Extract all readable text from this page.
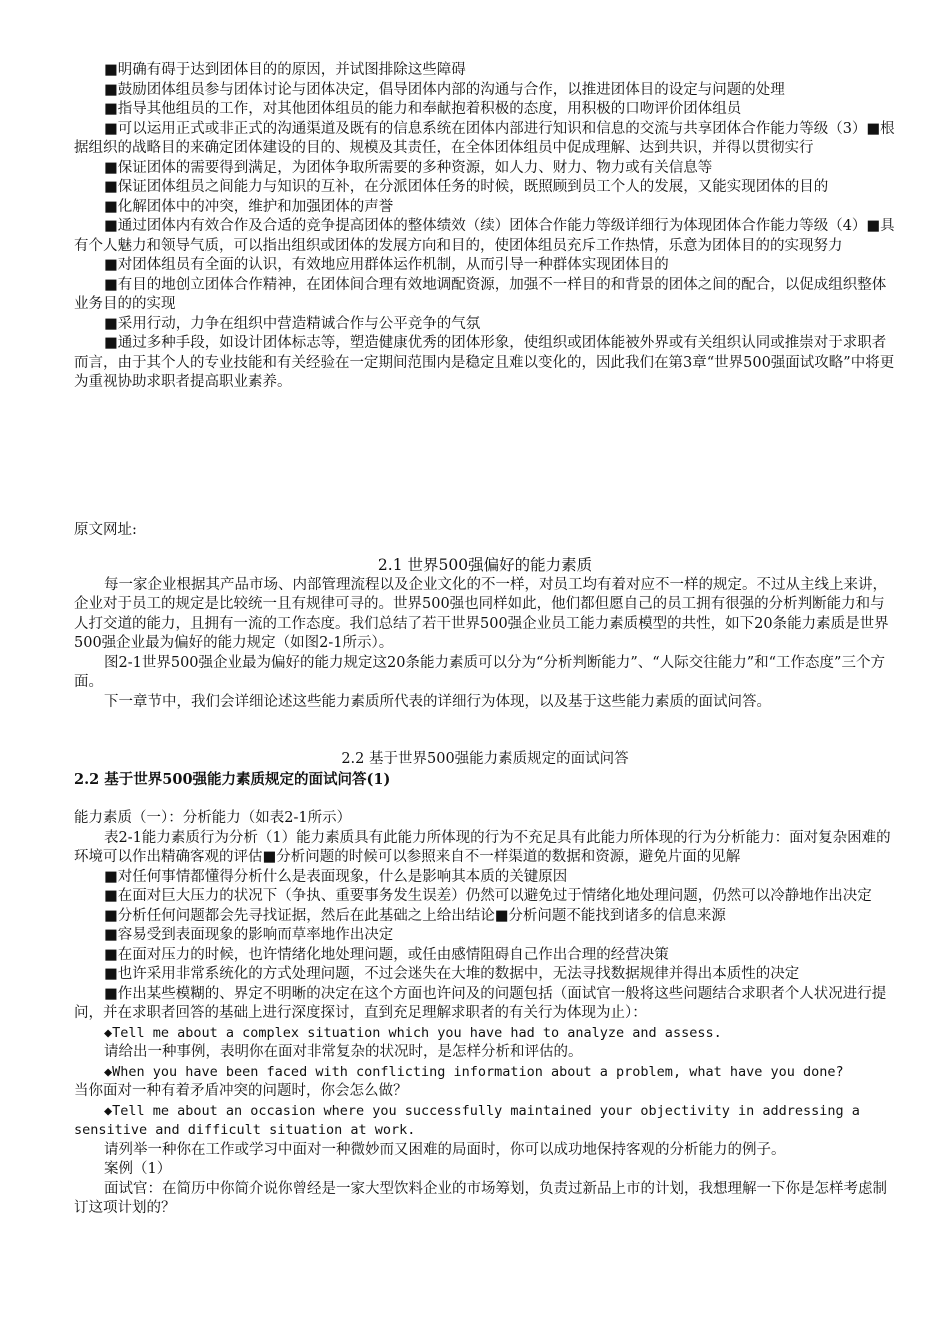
■明确有碍于达到团体目的的原因，并试图排除这些障碍

■鼓励团体组员参与团体讨论与团体决定，倡导团体内部的沟通与合作，以推进团体目的设定与问题的处理

■指导其他组员的工作，对其他团体组员的能力和奉献抱着积极的态度，用积极的口吻评价团体组员

■可以运用正式或非正式的沟通渠道及既有的信息系统在团体内部进行知识和信息的交流与共享团体合作能力等级（3）■根据组织的战略目的来确定团体建设的目的、规模及其责任，在全体团体组员中促成理解、达到共识，并得以贯彻实行

■保证团体的需要得到满足，为团体争取所需要的多种资源，如人力、财力、物力或有关信息等

■保证团体组员之间能力与知识的互补，在分派团体任务的时候，既照顾到员工个人的发展，又能实现团体的目的

■化解团体中的冲突，维护和加强团体的声誉

■通过团体内有效合作及合适的竞争提高团体的整体绩效（续）团体合作能力等级详细行为体现团体合作能力等级（4）■具有个人魅力和领导气质，可以指出组织或团体的发展方向和目的，使团体组员充斥工作热情，乐意为团体目的的实现努力

■对团体组员有全面的认识，有效地应用群体运作机制，从而引导一种群体实现团体目的

■有目的地创立团体合作精神，在团体间合理有效地调配资源，加强不一样目的和背景的团体之间的配合，以促成组织整体业务目的的实现

■采用行动，力争在组织中营造精诚合作与公平竞争的气氛

■通过多种手段，如设计团体标志等，塑造健康优秀的团体形象，使组织或团体能被外界或有关组织认同或推崇对于求职者而言，由于其个人的专业技能和有关经验在一定期间范围内是稳定且难以变化的，因此我们在第3章“世界500强面试攻略”中将更为重视协助求职者提高职业素养。

原文网址:

2.1 世界500强偏好的能力素质

每一家企业根据其产品市场、内部管理流程以及企业文化的不一样，对员工均有着对应不一样的规定。不过从主线上来讲，企业对于员工的规定是比较统一且有规律可寻的。世界500强也同样如此，他们都但愿自己的员工拥有很强的分析判断能力和与人打交道的能力，且拥有一流的工作态度。我们总结了若干世界500强企业员工能力素质模型的共性，如下20条能力素质是世界500强企业最为偏好的能力规定（如图2-1所示）。

图2-1世界500强企业最为偏好的能力规定这20条能力素质可以分为“分析判断能力”、“人际交往能力”和“工作态度”三个方面。

下一章节中，我们会详细论述这些能力素质所代表的详细行为体现，以及基于这些能力素质的面试问答。

2.2 基于世界500强能力素质规定的面试问答

2.2 基于世界500强能力素质规定的面试问答(1)

能力素质（一）：分析能力（如表2-1所示）

表2-1能力素质行为分析（1）能力素质具有此能力所体现的行为不充足具有此能力所体现的行为分析能力：面对复杂困难的环境可以作出精确客观的评估■分析问题的时候可以参照来自不一样渠道的数据和资源，避免片面的见解

■对任何事情都懂得分析什么是表面现象，什么是影响其本质的关键原因

■在面对巨大压力的状况下（争执、重要事务发生误差）仍然可以避免过于情绪化地处理问题，仍然可以冷静地作出决定

■分析任何问题都会先寻找证据，然后在此基础之上给出结论■分析问题不能找到诸多的信息来源

■容易受到表面现象的影响而草率地作出决定

■在面对压力的时候，也许情绪化地处理问题，或任由感情阻碍自己作出合理的经营决策

■也许采用非常系统化的方式处理问题，不过会迷失在大堆的数据中，无法寻找数据规律并得出本质性的决定

■作出某些模糊的、界定不明晰的决定在这个方面也许问及的问题包括（面试官一般将这些问题结合求职者个人状况进行提问，并在求职者回答的基础上进行深度探讨，直到充足理解求职者的有关行为体现为止）：

◆Tell me about a complex situation which you have had to analyze and assess.

请给出一种事例，表明你在面对非常复杂的状况时，是怎样分析和评估的。

◆When you have been faced with conflicting information about a problem, what have you done?

当你面对一种有着矛盾冲突的问题时，你会怎么做？

◆Tell me about an occasion where you successfully maintained your objectivity in addressing a sensitive and difficult situation at work.

请列举一种你在工作或学习中面对一种微妙而又困难的局面时，你可以成功地保持客观的分析能力的例子。

案例（1）

面试官：在简历中你简介说你曾经是一家大型饮料企业的市场筹划，负责过新品上市的计划，我想理解一下你是怎样考虑制订这项计划的？
